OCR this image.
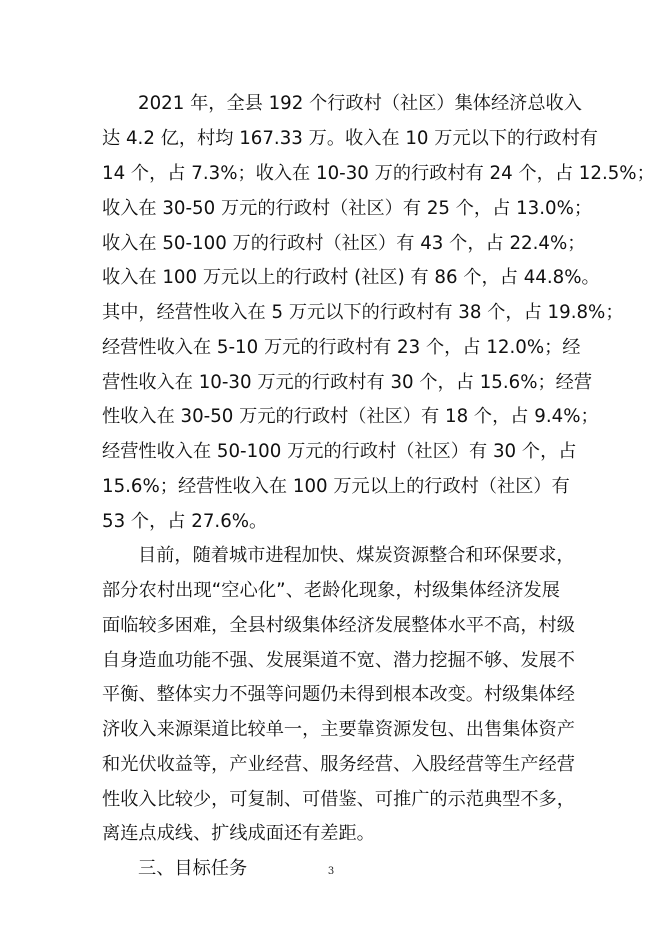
2021 年，全县 192 个行政村（社区）集体经济总收入
达 4.2 亿，村均 167.33 万。收入在 10 万元以下的行政村有
14 个，占 7.3%；收入在 10-30 万的行政村有 24 个，占 12.5%；
收入在 30-50 万元的行政村（社区）有 25 个，占 13.0%；
收入在 50-100 万的行政村（社区）有 43 个，占 22.4%；
收入在 100 万元以上的行政村 (社区) 有 86 个，占 44.8%。
其中，经营性收入在 5 万元以下的行政村有 38 个，占 19.8%；
经营性收入在 5-10 万元的行政村有 23 个，占 12.0%；经
营性收入在 10-30 万元的行政村有 30 个，占 15.6%；经营
性收入在 30-50 万元的行政村（社区）有 18 个，占 9.4%；
经营性收入在 50-100 万元的行政村（社区）有 30 个，占
15.6%；经营性收入在 100 万元以上的行政村（社区）有
53 个，占 27.6%。
目前，随着城市进程加快、煤炭资源整合和环保要求，
部分农村出现“空心化”、老龄化现象，村级集体经济发展
面临较多困难，全县村级集体经济发展整体水平不高，村级
自身造血功能不强、发展渠道不宽、潜力挖掘不够、发展不
平衡、整体实力不强等问题仍未得到根本改变。村级集体经
济收入来源渠道比较单一，主要靠资源发包、出售集体资产
和光伏收益等，产业经营、服务经营、入股经营等生产经营
性收入比较少，可复制、可借鉴、可推广的示范典型不多，
离连点成线、扩线成面还有差距。
三、目标任务	3
